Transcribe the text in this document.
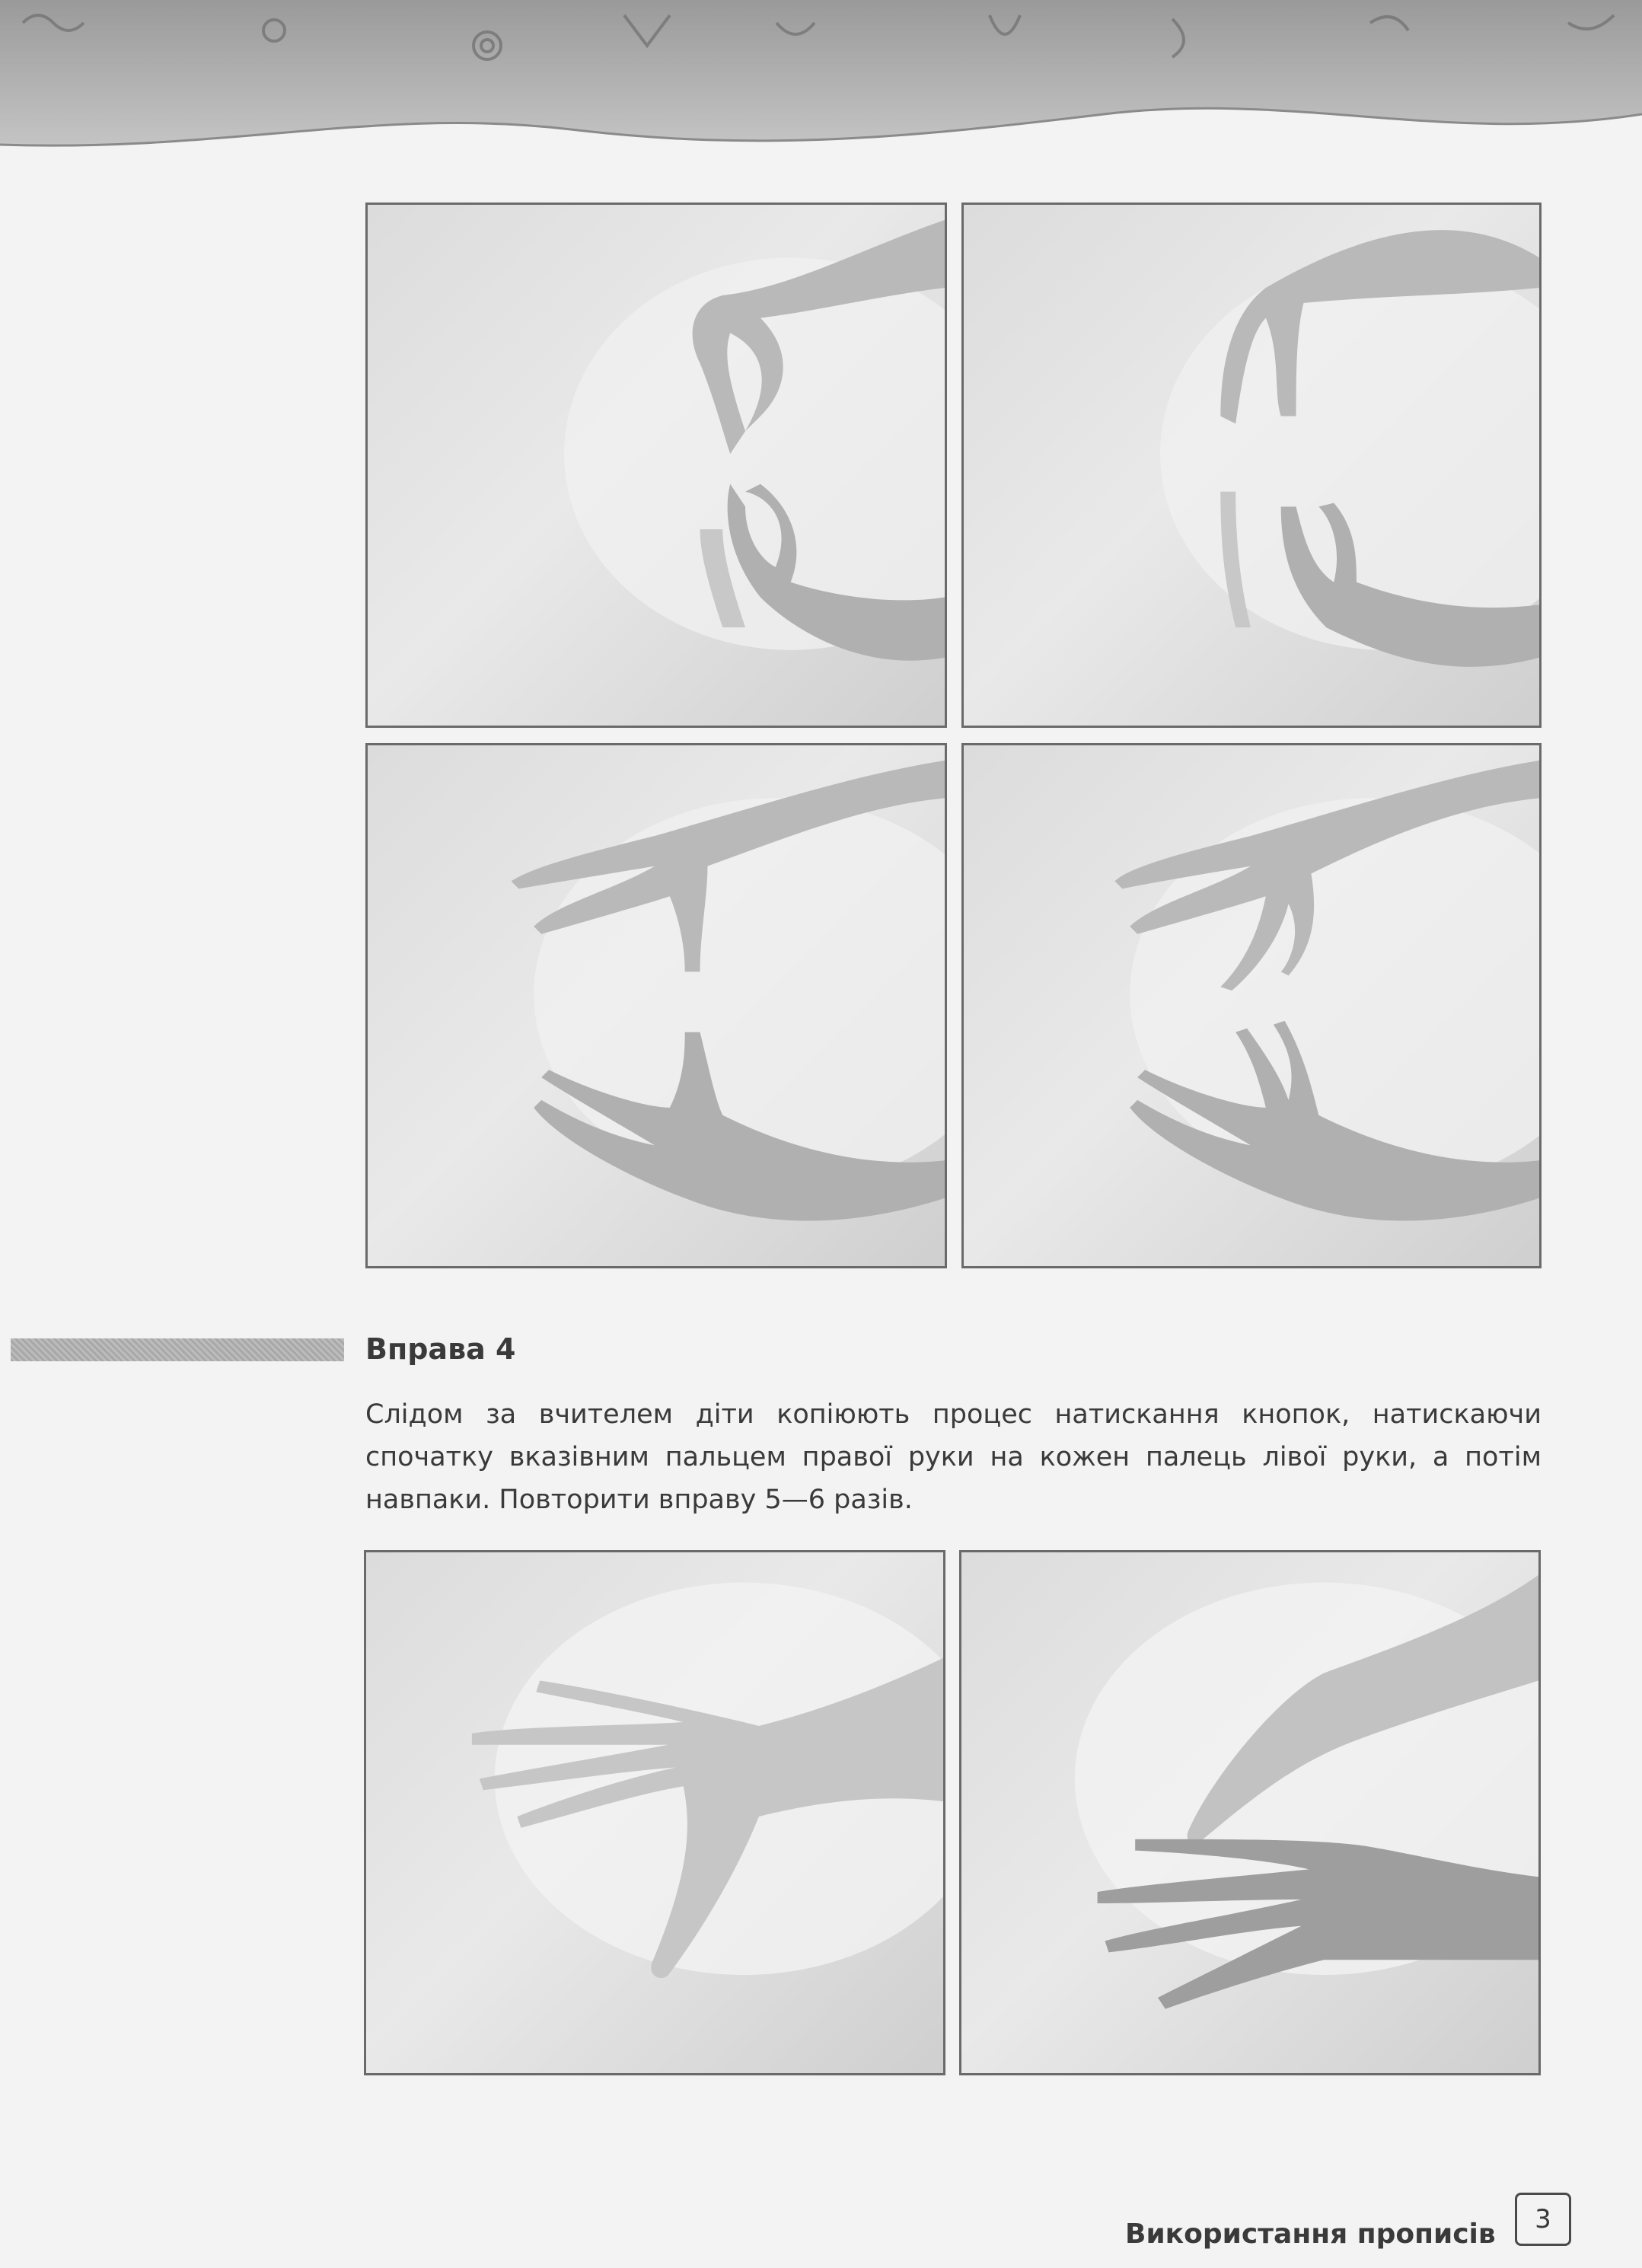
Вправа 4

Слідом за вчителем діти копіюють процес натискання кнопок, натискаючи
спочатку вказівним пальцем правої руки на кожен палець лівої руки, а потім
навпаки. Повторити вправу 5—6 разів.

Використання прописів 3
